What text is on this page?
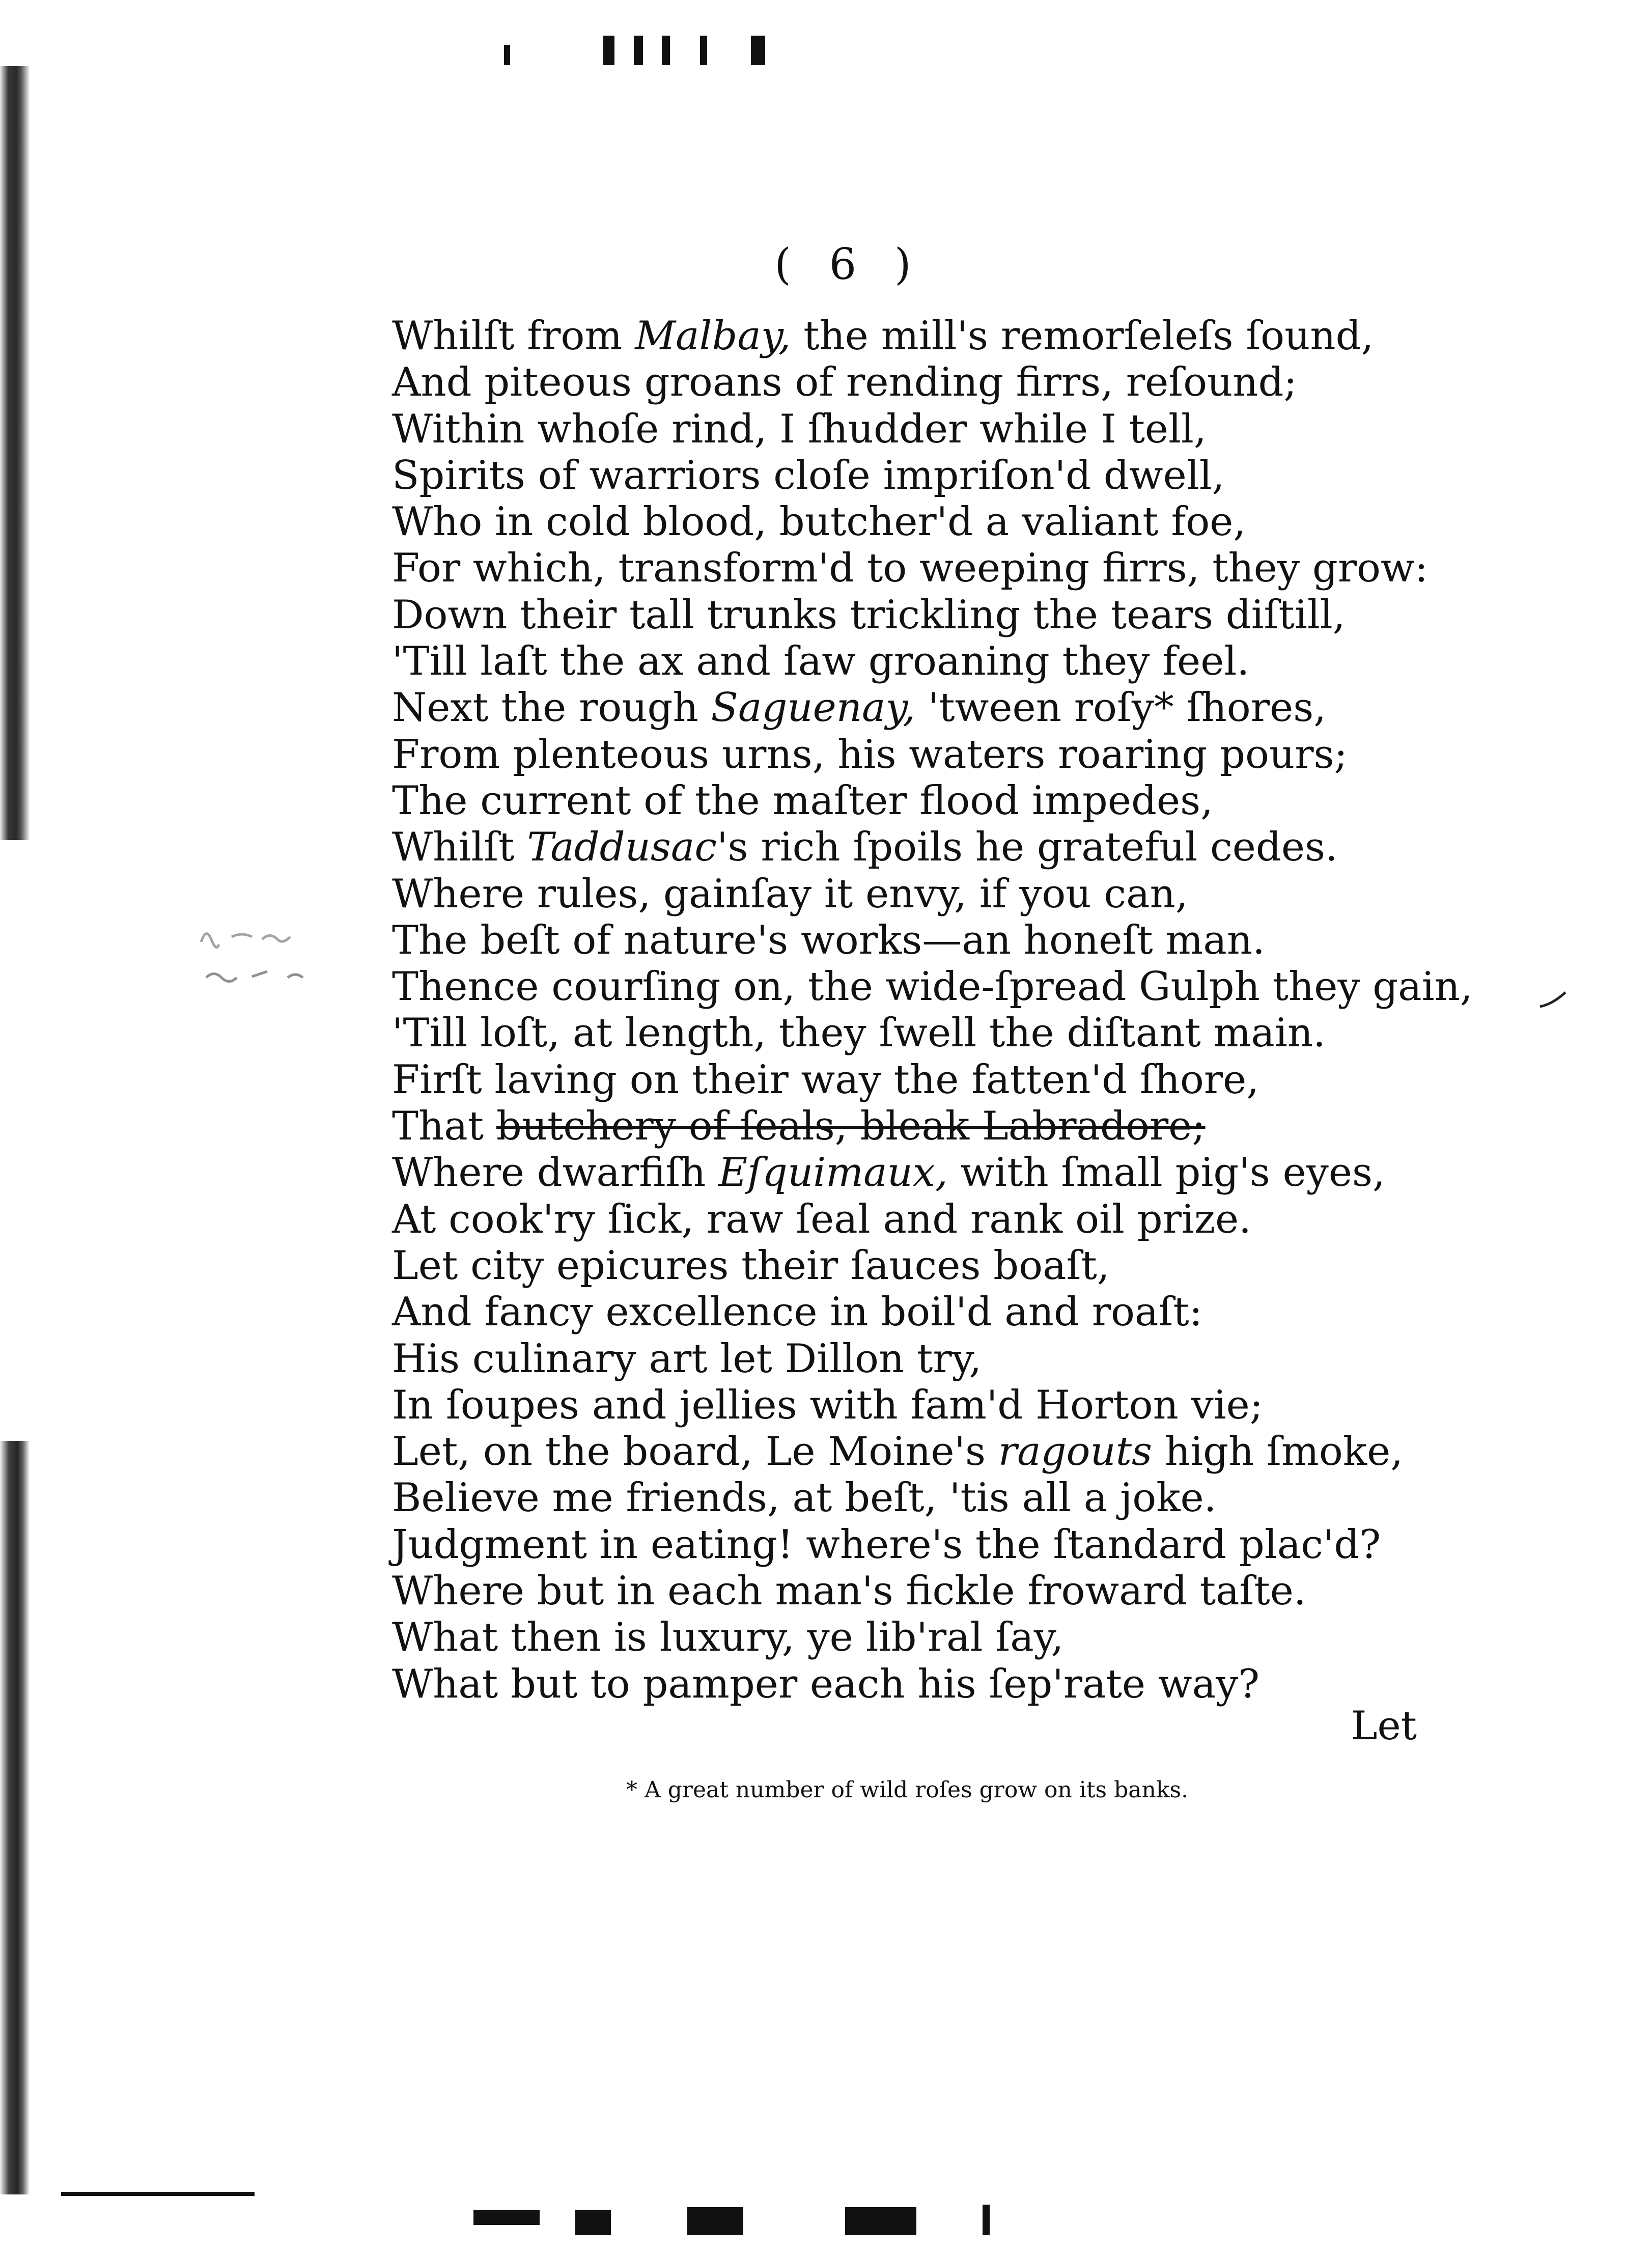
( 6 )
Whilſt from Malbay, the mill's remorſeleſs ſound,
And piteous groans of rending firrs, reſound;
Within whoſe rind, I ſhudder while I tell,
Spirits of warriors cloſe impriſon'd dwell,
Who in cold blood, butcher'd a valiant foe,
For which, transform'd to weeping firrs, they grow:
Down their tall trunks trickling the tears diſtill,
'Till laſt the ax and ſaw groaning they feel.
Next the rough Saguenay, 'tween roſy* ſhores,
From plenteous urns, his waters roaring pours;
The current of the maſter flood impedes,
Whilſt Taddusac's rich ſpoils he grateful cedes.
Where rules, gainſay it envy, if you can,
The beſt of nature's works—an honeſt man.
Thence courſing on, the wide-ſpread Gulph they gain,
'Till loſt, at length, they ſwell the diſtant main.
Firſt laving on their way the fatten'd ſhore,
That butchery of ſeals, bleak Labradore;
Where dwarfiſh Eſquimaux, with ſmall pig's eyes,
At cook'ry ſick, raw ſeal and rank oil prize.
Let city epicures their ſauces boaſt,
And fancy excellence in boil'd and roaſt:
His culinary art let Dillon try,
In ſoupes and jellies with fam'd Horton vie;
Let, on the board, Le Moine's ragouts high ſmoke,
Believe me friends, at beſt, 'tis all a joke.
Judgment in eating! where's the ſtandard plac'd?
Where but in each man's fickle froward taſte.
What then is luxury, ye lib'ral ſay,
What but to pamper each his ſep'rate way?
Let
* A great number of wild roſes grow on its banks.
